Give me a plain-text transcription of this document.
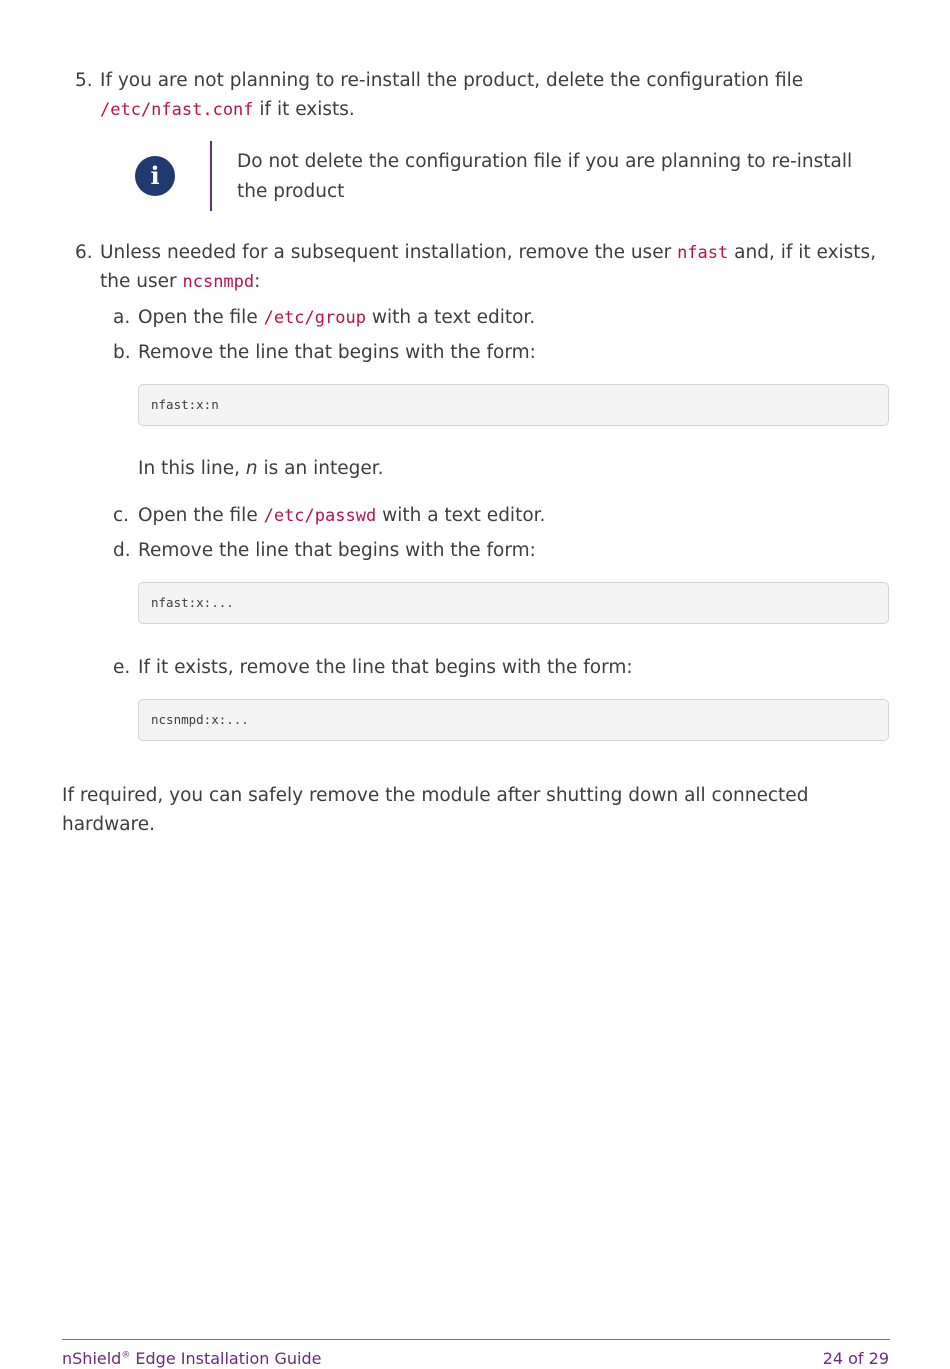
5. If you are not planning to re-install the product, delete the configuration file
/etc/nfast.conf if it exists.
i	Do not delete the configuration file if you are planning to re-install
the product
6. Unless needed for a subsequent installation, remove the user nfast and, if it exists,
the user ncsnmpd:
a. Open the file /etc/group with a text editor.
b. Remove the line that begins with the form:
nfast:x:n
In this line, n is an integer.
c. Open the file /etc/passwd with a text editor.
d. Remove the line that begins with the form:
nfast:x:...
e. If it exists, remove the line that begins with the form:
ncsnmpd:x:...
If required, you can safely remove the module after shutting down all connected
hardware.
nShield® Edge Installation Guide	24 of 29
